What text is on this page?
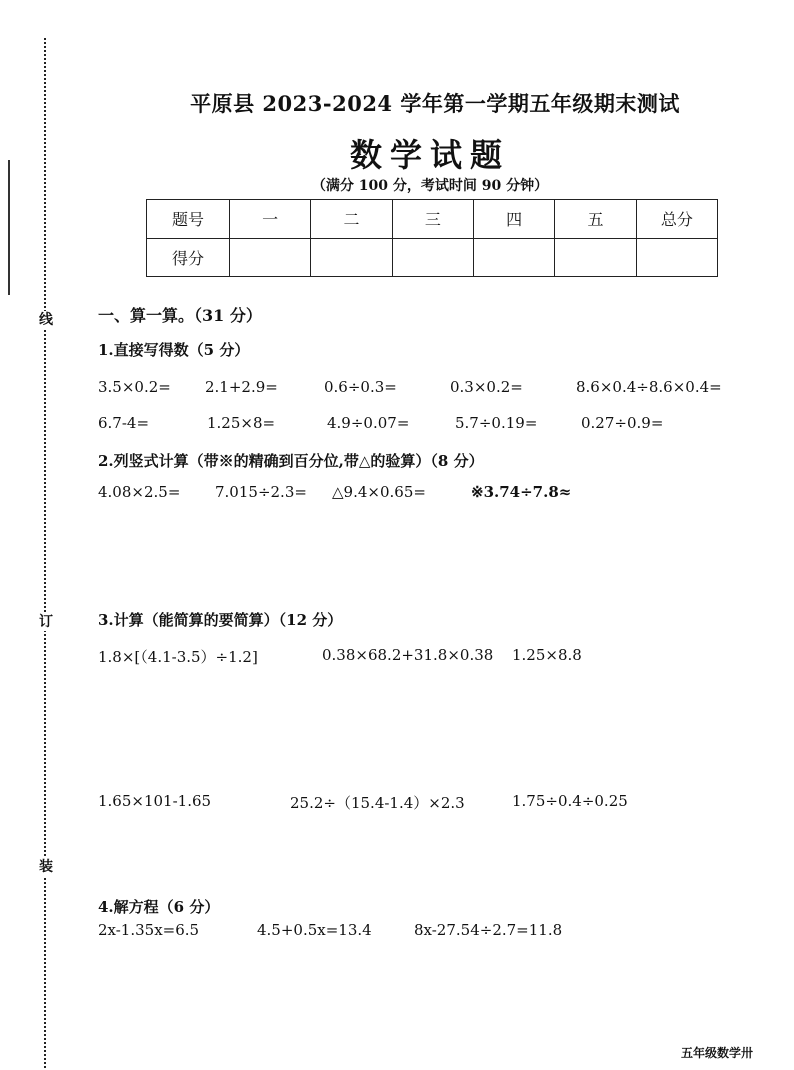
线
订
装
平原县 2023-2024 学年第一学期五年级期末测试
数学试题
（满分 100 分，考试时间 90 分钟）
题号	一	二	三	四	五	总分
得分						
一、算一算。（31 分）
1.直接写得数（5 分）
3.5×0.2= 2.1+2.9=	0.6÷0.3=	0.3×0.2=	8.6×0.4÷8.6×0.4=
6.7-4=	1.25×8=	4.9÷0.07=	5.7÷0.19=	0.27÷0.9=
2.列竖式计算（带※的精确到百分位,带△的验算）（8 分）
4.08×2.5= 7.015÷2.3= △9.4×0.65=	※3.74÷7.8≈
3.计算（能简算的要简算）（12 分）
1.8×[（4.1-3.5）÷1.2]	0.38×68.2+31.8×0.38 1.25×8.8
1.65×101-1.65	25.2÷（15.4-1.4）×2.3	1.75÷0.4÷0.25
4.解方程（6 分）
2x-1.35x=6.5	4.5+0.5x=13.4	8x-27.54÷2.7=11.8
五年级数学卅
